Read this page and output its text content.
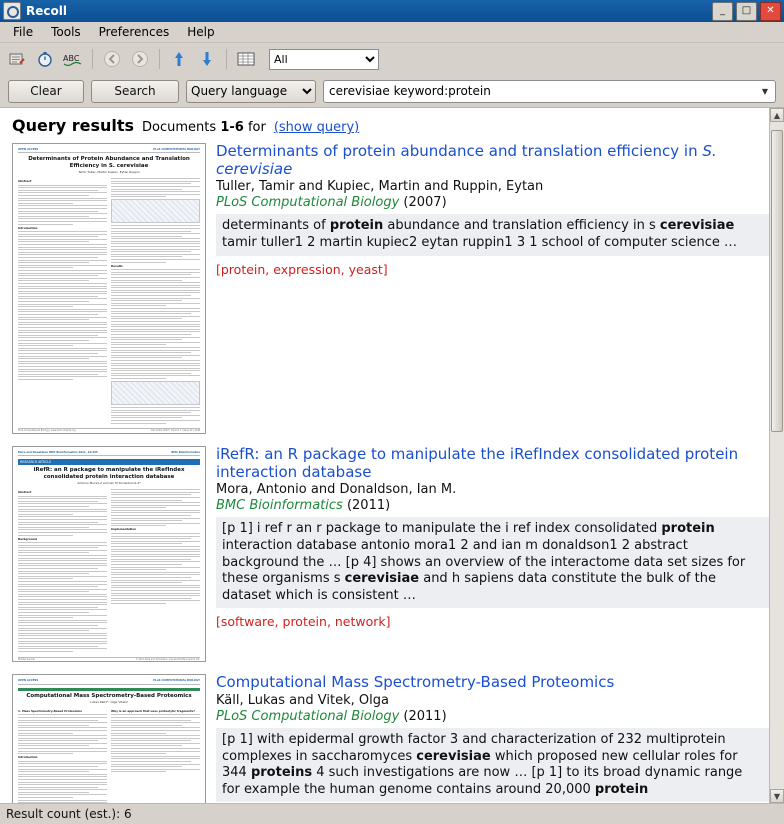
Recoll	_	□	✕
File	Tools	Preferences	Help
ABC
All
Clear	Search
Query language
cerevisiae keyword:protein	▼
Query results Documents 1-6 for (show query)
OPEN ACCESS	PLoS COMPUTATIONAL BIOLOGY
Determinants of Protein Abundance and Translation Efficiency in S. cerevisiae
Tamir Tuller, Martin Kupiec, Eytan Ruppin
Abstract
Introduction
Results
PLoS Computational Biology | www.ploscompbiol.org	December 2007 | Volume 3 | Issue 12 | e248
Determinants of protein abundance and translation efficiency in S. cerevisiae
Tuller, Tamir and Kupiec, Martin and Ruppin, Eytan
PLoS Computational Biology (2007)
determinants of protein abundance and translation efficiency in s cerevisiae tamir tuller1 2 martin kupiec2 eytan ruppin1 3 1 school of computer science …
[protein, expression, yeast]
Mora and Donaldson BMC Bioinformatics 2011, 12:455	BMC Bioinformatics
RESEARCH ARTICLE
iRefR: an R package to manipulate the iRefIndex consolidated protein interaction database
Antonio Mora1,2 and Ian M Donaldson1,2*
Abstract
Background
Implementation
BioMed Central	© 2011 Mora and Donaldson; licensee BioMed Central Ltd.
iRefR: an R package to manipulate the iRefIndex consolidated protein interaction database
Mora, Antonio and Donaldson, Ian M.
BMC Bioinformatics (2011)
[p 1] i ref r an r package to manipulate the i ref index consolidated protein interaction database antonio mora1 2 and ian m donaldson1 2 abstract background the … [p 4] shows an overview of the interactome data set sizes for these organisms s cerevisiae and h sapiens data constitute the bulk of the dataset which is consistent …
[software, protein, network]
OPEN ACCESS	PLoS COMPUTATIONAL BIOLOGY
Computational Mass Spectrometry-Based Proteomics
Lukas Käll1*, Olga Vitek2
1. Mass Spectrometry-Based Proteomics
Introduction
Why is an approach that uses proteolytic fragments?
Computational Mass Spectrometry-Based Proteomics
Käll, Lukas and Vitek, Olga
PLoS Computational Biology (2011)
[p 1] with epidermal growth factor 3 and characterization of 232 multiprotein complexes in saccharomyces cerevisiae which proposed new cellular roles for 344 proteins 4 such investigations are now … [p 1] to its broad dynamic range for example the human genome contains around 20,000 protein
▲
▼
Result count (est.): 6
